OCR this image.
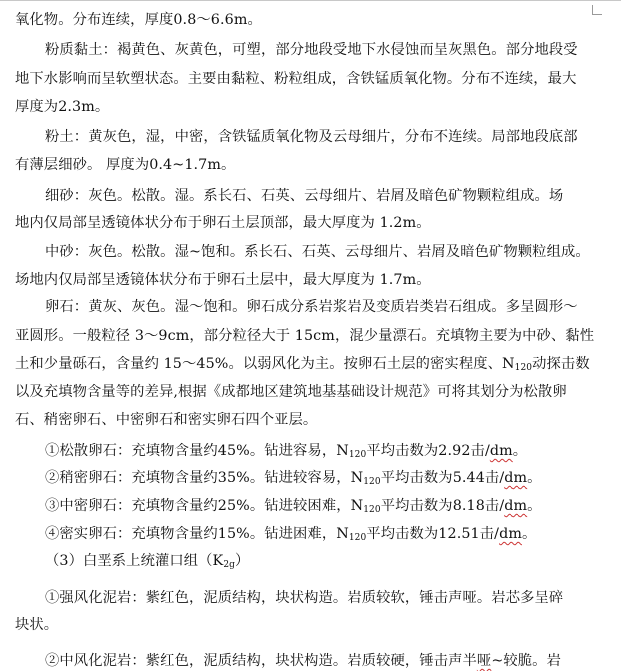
氧化物。分布连续，厚度0.8～6.6m。
粉质黏土：褐黄色、灰黄色，可塑，部分地段受地下水侵蚀而呈灰黑色。部分地段受
地下水影响而呈软塑状态。主要由黏粒、粉粒组成，含铁锰质氧化物。分布不连续，最大
厚度为2.3m。
粉土：黄灰色，湿，中密，含铁锰质氧化物及云母细片，分布不连续。局部地段底部
有薄层细砂。 厚度为0.4~1.7m。
细砂：灰色。松散。湿。系长石、石英、云母细片、岩屑及暗色矿物颗粒组成。场
地内仅局部呈透镜体状分布于卵石土层顶部，最大厚度为 1.2m。
中砂：灰色。松散。湿~饱和。系长石、石英、云母细片、岩屑及暗色矿物颗粒组成。
场地内仅局部呈透镜体状分布于卵石土层中，最大厚度为 1.7m。
卵石：黄灰、灰色。湿～饱和。卵石成分系岩浆岩及变质岩类岩石组成。多呈圆形～
亚圆形。一般粒径 3～9cm，部分粒径大于 15cm，混少量漂石。充填物主要为中砂、黏性
土和少量砾石，含量约 15～45%。以弱风化为主。按卵石土层的密实程度、$N_{120}$动探击数
以及充填物含量等的差异,根据《成都地区建筑地基基础设计规范》可将其划分为松散卵
石、稍密卵石、中密卵石和密实卵石四个亚层。
①松散卵石：充填物含量约45%。钻进容易，$N_{120}$平均击数为2.92击/dm。
②稍密卵石：充填物含量约35%。钻进较容易，$N_{120}$平均击数为5.44击/dm。
③中密卵石：充填物含量约25%。钻进较困难，$N_{120}$平均击数为8.18击/dm。
④密实卵石：充填物含量约15%。钻进困难，$N_{120}$平均击数为12.51击/dm。
（3）白垩系上统灌口组$(K_{2g})$
①强风化泥岩：紫红色，泥质结构，块状构造。岩质较软，锤击声哑。岩芯多呈碎
块状。
②中风化泥岩：紫红色，泥质结构，块状构造。岩质较硬，锤击声半哑~较脆。岩
